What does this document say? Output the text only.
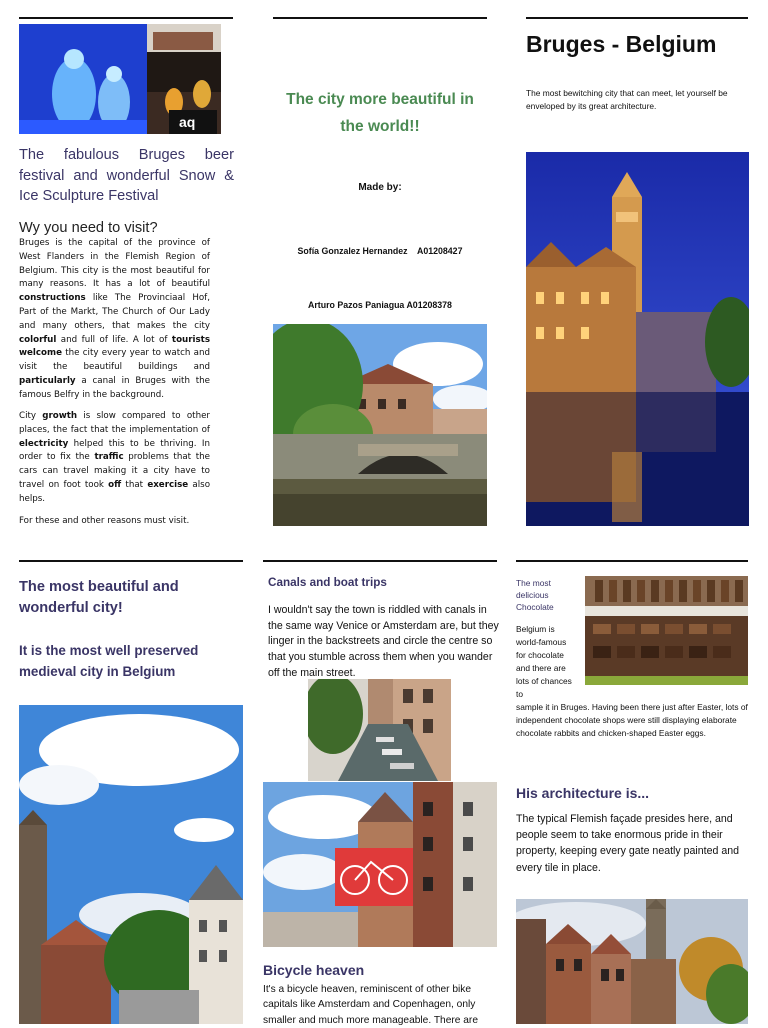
aq
The fabulous Bruges beer festival and wonderful Snow & Ice Sculpture Festival
Wy you need to visit?
Bruges is the capital of the province of West Flanders in the Flemish Region of Belgium. This city is the most beautiful for many reasons. It has a lot of beautiful constructions like The Provinciaal Hof, Part of the Markt, The Church of Our Lady and many others, that makes the city colorful and full of life. A lot of tourists welcome the city every year to watch and visit the beautiful buildings and particularly a canal in Bruges with the famous Belfry in the background.
City growth is slow compared to other places, the fact that the implementation of electricity helped this to be thriving. In order to fix the traffic problems that the cars can travel making it a city have to travel on foot took off that exercise also helps.
For these and other reasons must visit.
The city more beautiful in the world!!
Made by:

Sofía Gonzalez Hernandez    A01208427

Arturo Pazos Paniagua A01208378

Bruges - Belgium
The most bewitching city that can meet, let yourself be enveloped by its great architecture.
The most beautiful and wonderful city!
It is the most well preserved medieval city in Belgium
Canals and boat trips
I wouldn't say the town is riddled with canals in the same way Venice or Amsterdam are, but they linger in the backstreets and circle the centre so that you stumble across them when you wander off the main street.
Bicycle heaven
It's a bicycle heaven, reminiscent of other bike capitals like Amsterdam and Copenhagen, only smaller and much more manageable. There are
The most delicious Chocolate
Belgium is world-famous for chocolate and there are lots of chances to
sample it in Bruges. Having been there just after Easter, lots of independent chocolate shops were still displaying elaborate chocolate rabbits and chicken-shaped Easter eggs.
His architecture is...
The typical Flemish façade presides here, and people seem to take enormous pride in their property, keeping every gate neatly painted and every tile in place.
